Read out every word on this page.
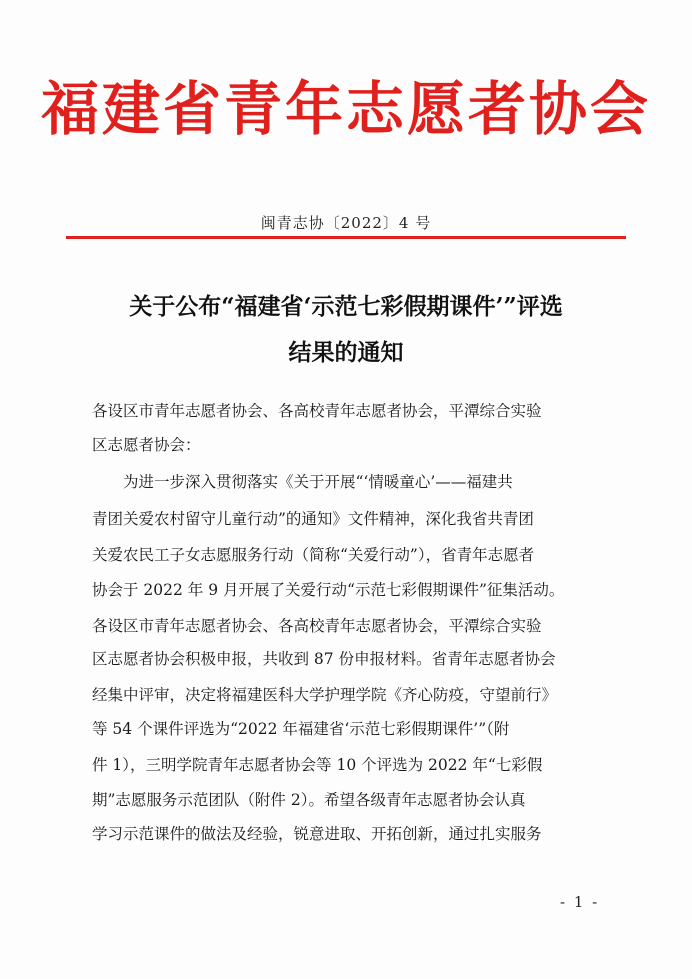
福建省青年志愿者协会
闽青志协〔2022〕4 号
关于公布“福建省‘示范七彩假期课件’”评选
结果的通知
各设区市青年志愿者协会、各高校青年志愿者协会，平潭综合实验
区志愿者协会：
　　为进一步深入贯彻落实《关于开展“‘情暖童心’——福建共
青团关爱农村留守儿童行动”的通知》文件精神，深化我省共青团
关爱农民工子女志愿服务行动（简称“关爱行动”），省青年志愿者
协会于 2022 年 9 月开展了关爱行动“示范七彩假期课件”征集活动。
各设区市青年志愿者协会、各高校青年志愿者协会，平潭综合实验
区志愿者协会积极申报，共收到 87 份申报材料。省青年志愿者协会
经集中评审，决定将福建医科大学护理学院《齐心防疫，守望前行》
等 54 个课件评选为“2022 年福建省‘示范七彩假期课件’”（附
件 1），三明学院青年志愿者协会等 10 个评选为 2022 年“七彩假
期”志愿服务示范团队（附件 2）。希望各级青年志愿者协会认真
学习示范课件的做法及经验，锐意进取、开拓创新，通过扎实服务
- 1 -
